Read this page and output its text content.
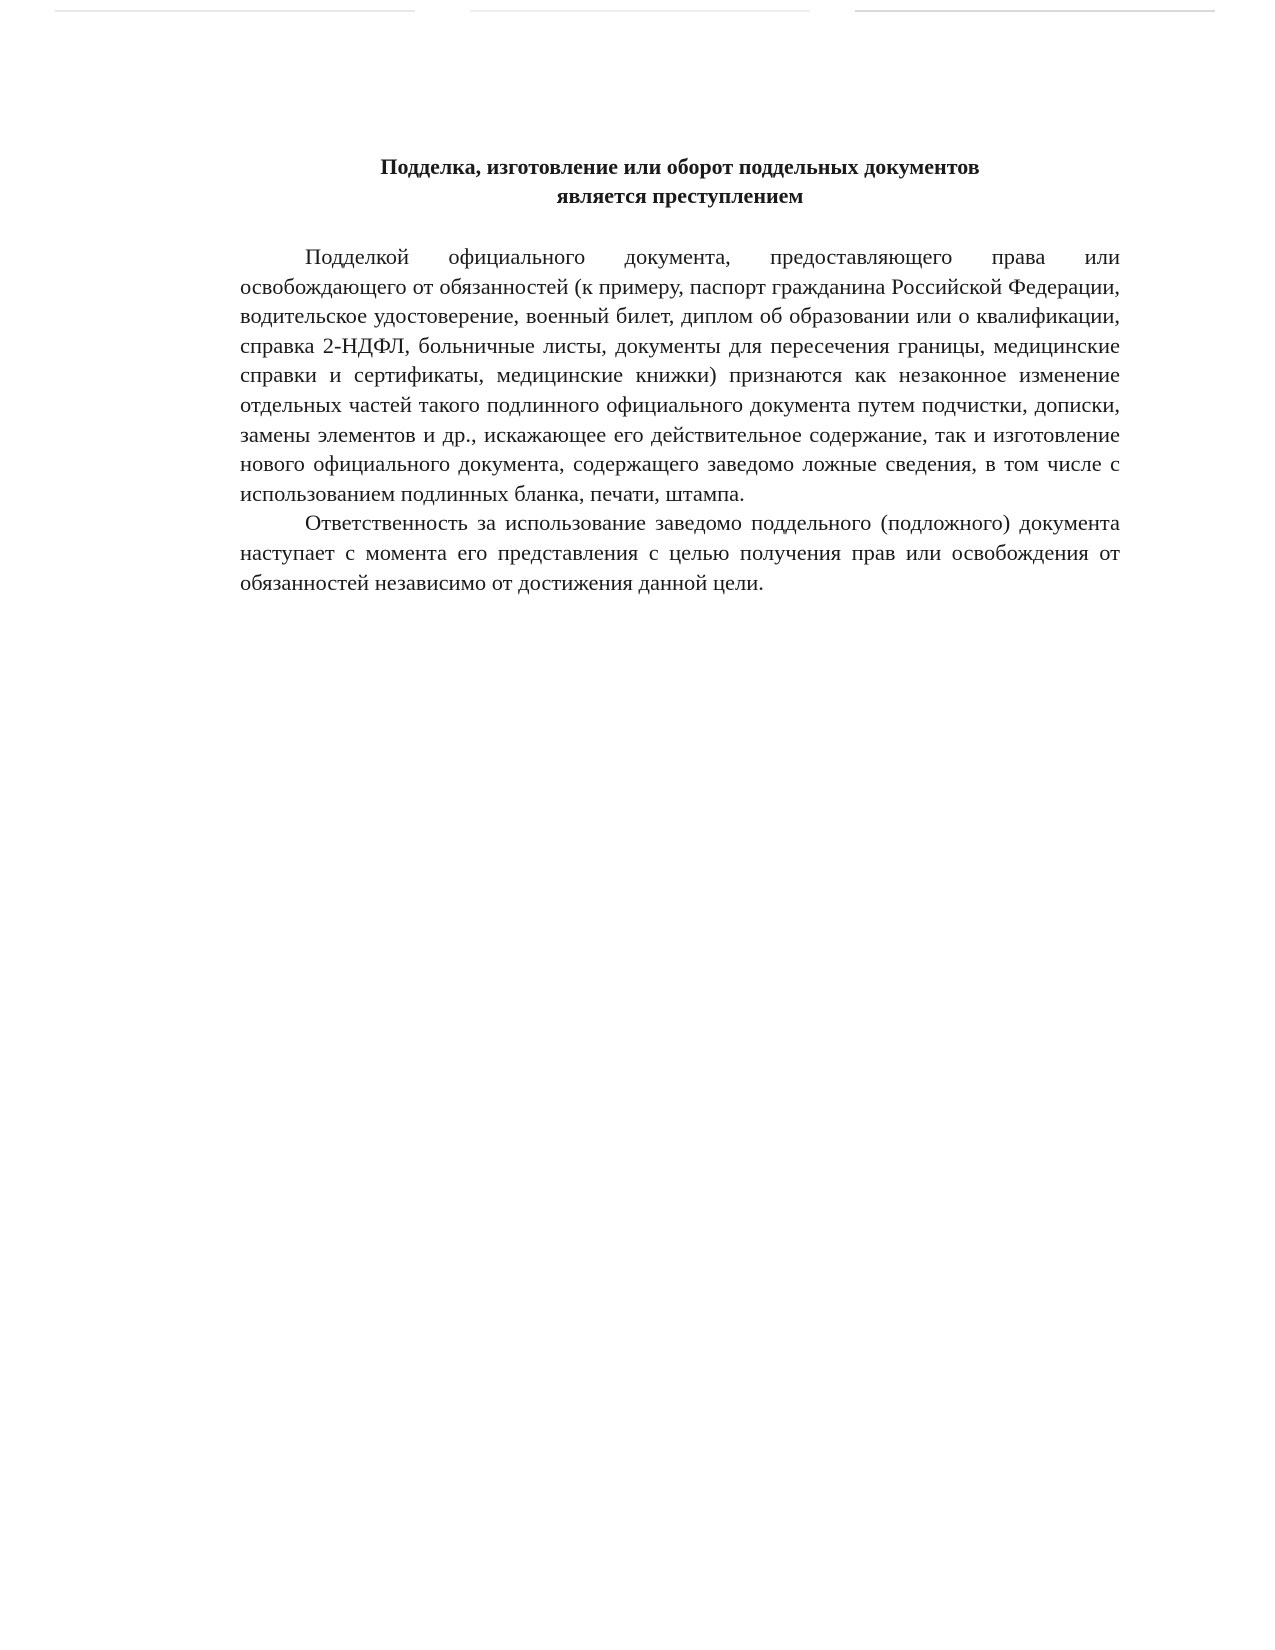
Подделка, изготовление или оборот поддельных документов
является преступлением

Подделкой официального документа, предоставляющего права или освобождающего от обязанностей (к примеру, паспорт гражданина Российской Федерации, водительское удостоверение, военный билет, диплом об образовании или о квалификации, справка 2-НДФЛ, больничные листы, документы для пересечения границы, медицинские справки и сертификаты, медицинские книжки) признаются как незаконное изменение отдельных частей такого подлинного официального документа путем подчистки, дописки, замены элементов и др., искажающее его действительное содержание, так и изготовление нового официального документа, содержащего заведомо ложные сведения, в том числе с использованием подлинных бланка, печати, штампа.

Ответственность за использование заведомо поддельного (подложного) документа наступает с момента его представления с целью получения прав или освобождения от обязанностей независимо от достижения данной цели.
